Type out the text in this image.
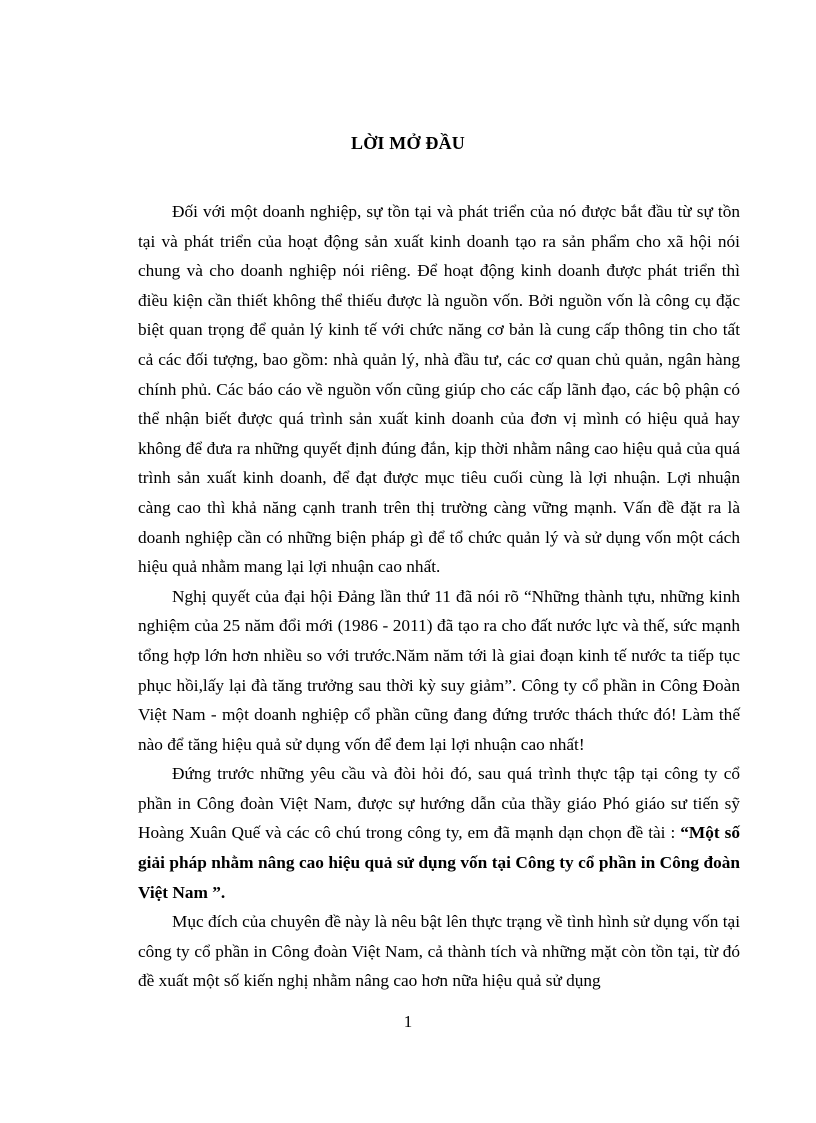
LỜI MỞ ĐẦU

Đối với một doanh nghiệp, sự tồn tại và phát triển của nó được bắt đầu từ sự tồn tại và phát triển của hoạt động sản xuất kinh doanh tạo ra sản phẩm cho xã hội nói chung và cho doanh nghiệp nói riêng. Để hoạt động kinh doanh được phát triển thì điều kiện cần thiết không thể thiếu được là nguồn vốn. Bởi nguồn vốn là công cụ đặc biệt quan trọng để quản lý kinh tế với chức năng cơ bản là cung cấp thông tin cho tất cả các đối tượng, bao gồm: nhà quản lý, nhà đầu tư, các cơ quan chủ quản, ngân hàng chính phủ. Các báo cáo về nguồn vốn cũng giúp cho các cấp lãnh đạo, các bộ phận có thể nhận biết được quá trình sản xuất kinh doanh của đơn vị mình có hiệu quả hay không để đưa ra những quyết định đúng đắn, kịp thời nhằm nâng cao hiệu quả của quá trình sản xuất kinh doanh, để đạt được mục tiêu cuối cùng là lợi nhuận. Lợi nhuận càng cao thì khả năng cạnh tranh trên thị trường càng vững mạnh. Vấn đề đặt ra là doanh nghiệp cần có những biện pháp gì để tổ chức quản lý và sử dụng vốn một cách hiệu quả nhằm mang lại lợi nhuận cao nhất.

Nghị quyết của đại hội Đảng lần thứ 11 đã nói rõ “Những thành tựu, những kinh nghiệm của 25 năm đổi mới (1986 - 2011) đã tạo ra cho đất nước lực và thế, sức mạnh tổng hợp lớn hơn nhiều so với trước.Năm năm tới là giai đoạn kinh tế nước ta tiếp tục phục hồi,lấy lại đà tăng trưởng sau thời kỳ suy giảm”. Công ty cổ phần in Công Đoàn Việt Nam - một doanh nghiệp cổ phần cũng đang đứng trước thách thức đó! Làm thế nào để tăng hiệu quả sử dụng vốn để đem lại lợi nhuận cao nhất!

Đứng trước những yêu cầu và đòi hỏi đó, sau quá trình thực tập tại công ty cổ phần in Công đoàn Việt Nam, được sự hướng dẫn của thầy giáo Phó giáo sư tiến sỹ Hoàng Xuân Quế và các cô chú trong công ty, em đã mạnh dạn chọn đề tài : “Một số giải pháp nhằm nâng cao hiệu quả sử dụng vốn tại Công ty cổ phần in Công đoàn Việt Nam ”.

Mục đích của chuyên đề này là nêu bật lên thực trạng về tình hình sử dụng vốn tại công ty cổ phần in Công đoàn Việt Nam, cả thành tích và những mặt còn tồn tại, từ đó đề xuất một số kiến nghị nhằm nâng cao hơn nữa hiệu quả sử dụng

1
